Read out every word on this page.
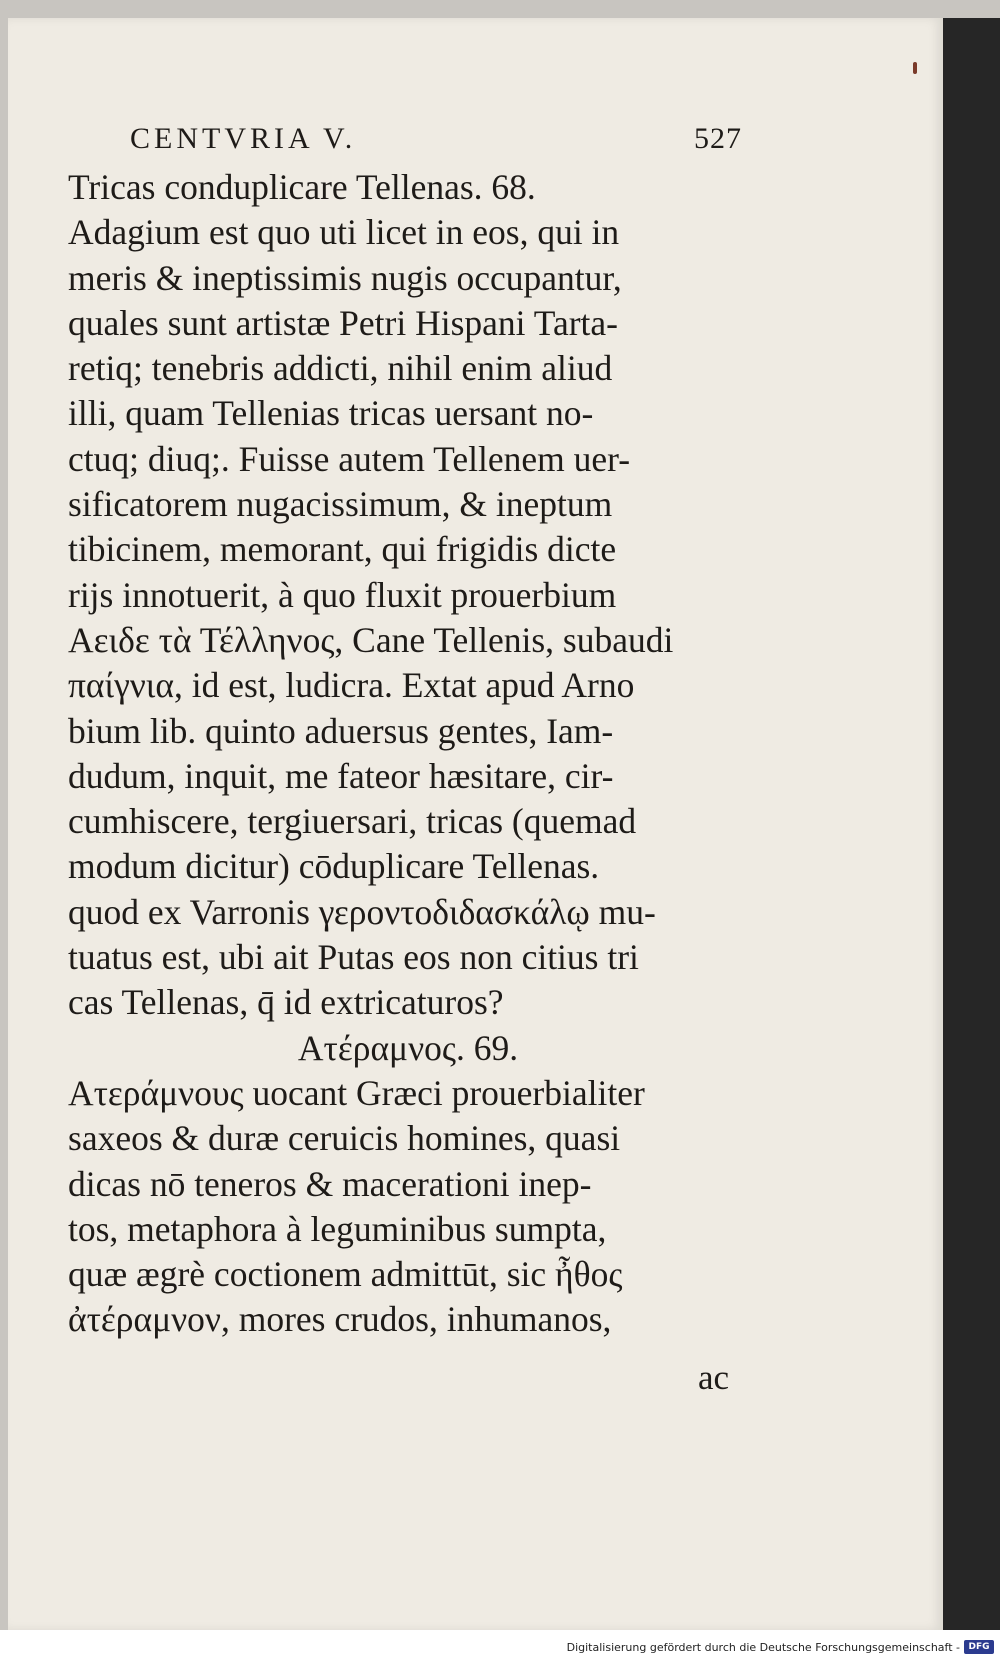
CENTVRIA V.	527
Tricas conduplicare Tellenas. 68.
Adagium est quo uti licet in eos, qui in
meris & ineptissimis nugis occupantur,
quales sunt artistæ Petri Hispani Tarta-
retiq; tenebris addicti, nihil enim aliud
illi, quam Tellenias tricas uersant no-
ctuq; diuq;. Fuisse autem Tellenem uer-
sificatorem nugacissimum, & ineptum
tibicinem, memorant, qui frigidis dicte
rijs innotuerit, à quo fluxit prouerbium
Αειδε τὰ Τέλληνος, Cane Tellenis, subaudi
παίγνια, id est, ludicra. Extat apud Arno
bium lib. quinto aduersus gentes, Iam-
dudum, inquit, me fateor hæsitare, cir-
cumhiscere, tergiuersari, tricas (quemad
modum dicitur) cōduplicare Tellenas.
quod ex Varronis γεροντοδιδασκάλῳ mu-
tuatus est, ubi ait Putas eos non citius tri
cas Tellenas, q̄ id extricaturos?
Ατέραμνος. 69.
Ατεράμνους uocant Græci prouerbialiter
saxeos & duræ ceruicis homines, quasi
dicas nō teneros & macerationi inep-
tos, metaphora à leguminibus sumpta,
quæ ægrè coctionem admittūt, sic ἦθος
ἀτέραμνον, mores crudos, inhumanos,
ac
Digitalisierung gefördert durch die Deutsche Forschungsgemeinschaft - DFG
